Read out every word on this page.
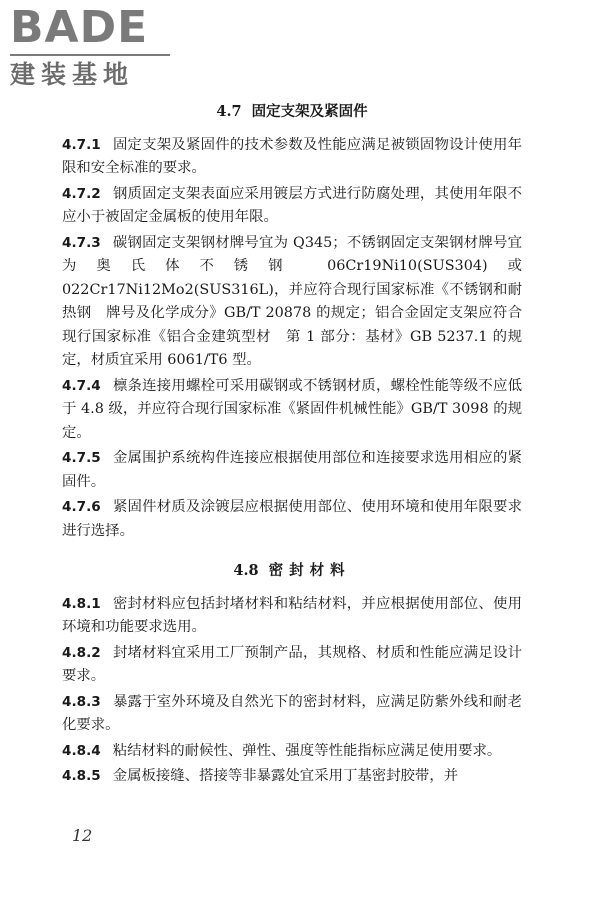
BADE
建装基地
4.7 固定支架及紧固件

4.7.1 固定支架及紧固件的技术参数及性能应满足被锁固物设计使用年限和安全标准的要求。

4.7.2 钢质固定支架表面应采用镀层方式进行防腐处理，其使用年限不应小于被固定金属板的使用年限。

4.7.3 碳钢固定支架钢材牌号宜为 Q345；不锈钢固定支架钢材牌号宜为奥氏体不锈钢 06Cr19Ni10(SUS304)或 022Cr17Ni12Mo2(SUS316L)，并应符合现行国家标准《不锈钢和耐热钢　牌号及化学成分》GB/T 20878 的规定；铝合金固定支架应符合现行国家标准《铝合金建筑型材　第 1 部分：基材》GB 5237.1 的规定，材质宜采用 6061/T6 型。

4.7.4 檩条连接用螺栓可采用碳钢或不锈钢材质，螺栓性能等级不应低于 4.8 级，并应符合现行国家标准《紧固件机械性能》GB/T 3098 的规定。

4.7.5 金属围护系统构件连接应根据使用部位和连接要求选用相应的紧固件。

4.7.6 紧固件材质及涂镀层应根据使用部位、使用环境和使用年限要求进行选择。

4.8 密封材料

4.8.1 密封材料应包括封堵材料和粘结材料，并应根据使用部位、使用环境和功能要求选用。

4.8.2 封堵材料宜采用工厂预制产品，其规格、材质和性能应满足设计要求。

4.8.3 暴露于室外环境及自然光下的密封材料，应满足防紫外线和耐老化要求。

4.8.4 粘结材料的耐候性、弹性、强度等性能指标应满足使用要求。

4.8.5 金属板接缝、搭接等非暴露处宜采用丁基密封胶带，并

12
